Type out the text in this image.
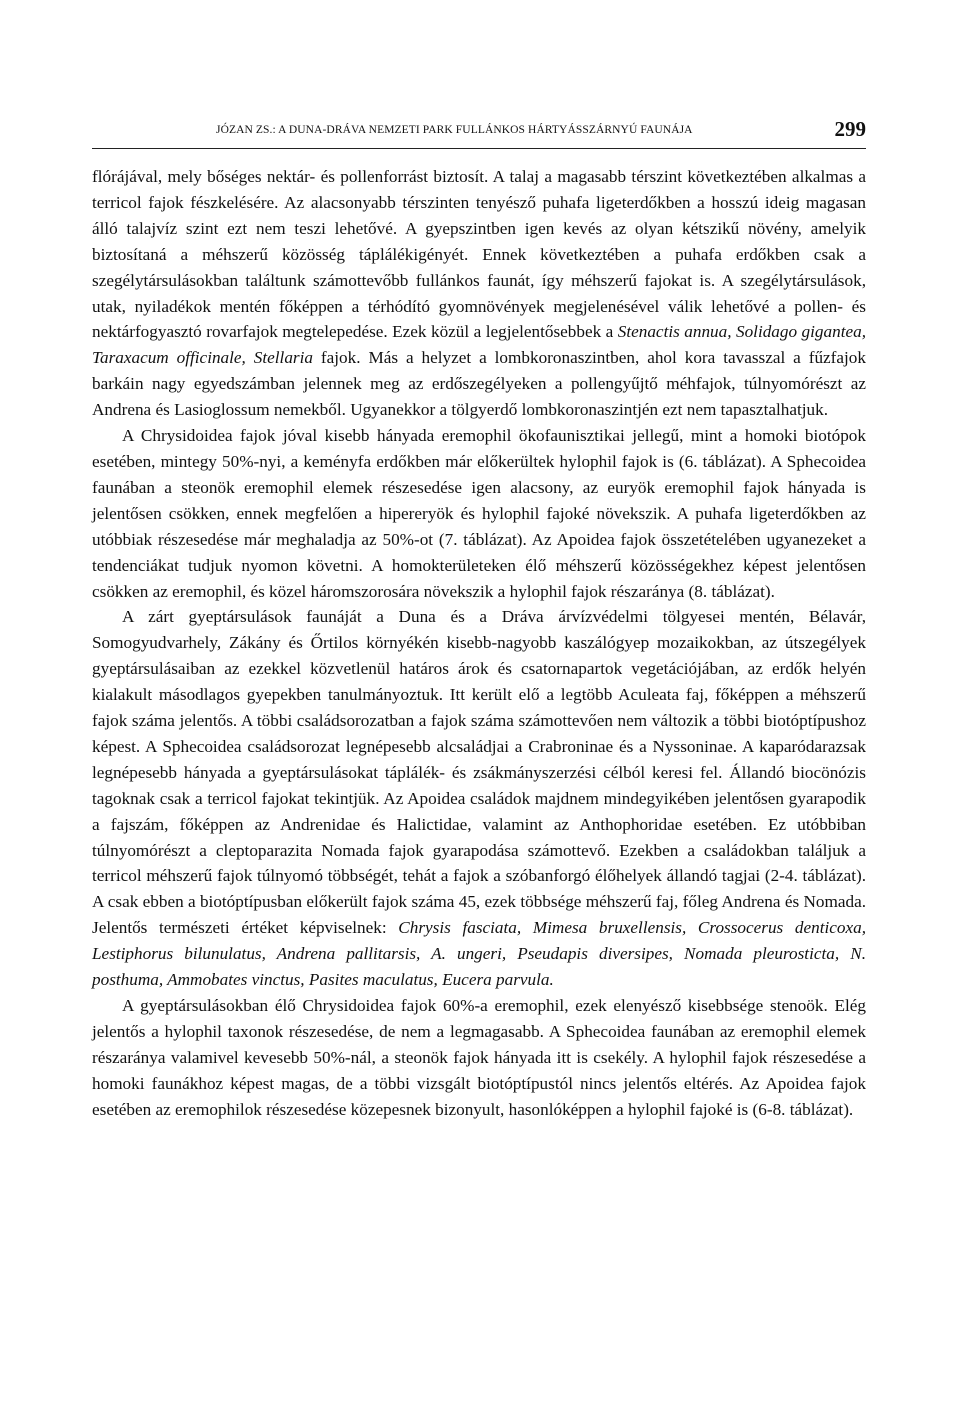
JÓZAN ZS.: A DUNA-DRÁVA NEMZETI PARK FULLÁNKOS HÁRTYÁSSZÁRNYÚ FAUNÁJA	299

flórájával, mely bőséges nektár- és pollenforrást biztosít. A talaj a magasabb térszint következtében alkalmas a terricol fajok fészkelésére. Az alacsonyabb térszinten tenyésző puhafa ligeterdőkben a hosszú ideig magasan álló talajvíz szint ezt nem teszi lehetővé. A gyepszintben igen kevés az olyan kétszikű növény, amelyik biztosítaná a méhszerű közösség táplálékigényét. Ennek következtében a puhafa erdőkben csak a szegélytársulásokban találtunk számottevőbb fullánkos faunát, így méhszerű fajokat is. A szegélytársulások, utak, nyiladékok mentén főképpen a térhódító gyomnövények megjelenésével válik lehetővé a pollen- és nektárfogyasztó rovarfajok megtelepedése. Ezek közül a legjelentősebbek a Stenactis annua, Solidago gigantea, Taraxacum officinale, Stellaria fajok. Más a helyzet a lombkoronaszintben, ahol kora tavasszal a fűzfajok barkáin nagy egyedszámban jelennek meg az erdőszegélyeken a pollengyűjtő méhfajok, túlnyomórészt az Andrena és Lasioglossum nemekből. Ugyanekkor a tölgyerdő lombkoronaszintjén ezt nem tapasztalhatjuk.

A Chrysidoidea fajok jóval kisebb hányada eremophil ökofaunisztikai jellegű, mint a homoki biotópok esetében, mintegy 50%-nyi, a keményfa erdőkben már előkerültek hylophil fajok is (6. táblázat). A Sphecoidea faunában a steonök eremophil elemek részesedése igen alacsony, az euryök eremophil fajok hányada is jelentősen csökken, ennek megfelően a hipereryök és hylophil fajoké növekszik. A puhafa ligeterdőkben az utóbbiak részesedése már meghaladja az 50%-ot (7. táblázat). Az Apoidea fajok összetételében ugyanezeket a tendenciákat tudjuk nyomon követni. A homokterületeken élő méhszerű közösségekhez képest jelentősen csökken az eremophil, és közel háromszorosára növekszik a hylophil fajok részaránya (8. táblázat).

A zárt gyeptársulások faunáját a Duna és a Dráva árvízvédelmi tölgyesei mentén, Bélavár, Somogyudvarhely, Zákány és Őrtilos környékén kisebb-nagyobb kaszálógyep mozaikokban, az útszegélyek gyeptársulásaiban az ezekkel közvetlenül határos árok és csatornapartok vegetációjában, az erdők helyén kialakult másodlagos gyepekben tanulmányoztuk. Itt került elő a legtöbb Aculeata faj, főképpen a méhszerű fajok száma jelentős. A többi családsorozatban a fajok száma számottevően nem változik a többi biotóptípushoz képest. A Sphecoidea családsorozat legnépesebb alcsaládjai a Crabroninae és a Nyssoninae. A kaparódarazsak legnépesebb hányada a gyeptársulásokat táplálék- és zsákmányszerzési célból keresi fel. Állandó biocönózis tagoknak csak a terricol fajokat tekintjük. Az Apoidea családok majdnem mindegyikében jelentősen gyarapodik a fajszám, főképpen az Andrenidae és Halictidae, valamint az Anthophoridae esetében. Ez utóbbiban túlnyomórészt a cleptoparazita Nomada fajok gyarapodása számottevő. Ezekben a családokban találjuk a terricol méhszerű fajok túlnyomó többségét, tehát a fajok a szóbanforgó élőhelyek állandó tagjai (2-4. táblázat). A csak ebben a biotóptípusban előkerült fajok száma 45, ezek többsége méhszerű faj, főleg Andrena és Nomada. Jelentős természeti értéket képviselnek: Chrysis fasciata, Mimesa bruxellensis, Crossocerus denticoxa, Lestiphorus bilunulatus, Andrena pallitarsis, A. ungeri, Pseudapis diversipes, Nomada pleurosticta, N. posthuma, Ammobates vinctus, Pasites maculatus, Eucera parvula.

A gyeptársulásokban élő Chrysidoidea fajok 60%-a eremophil, ezek elenyésző kisebbsége stenoök. Elég jelentős a hylophil taxonok részesedése, de nem a legmagasabb. A Sphecoidea faunában az eremophil elemek részaránya valamivel kevesebb 50%-nál, a steonök fajok hányada itt is csekély. A hylophil fajok részesedése a homoki faunákhoz képest magas, de a többi vizsgált biotóptípustól nincs jelentős eltérés. Az Apoidea fajok esetében az eremophilok részesedése közepesnek bizonyult, hasonlóképpen a hylophil fajoké is (6-8. táblázat).
